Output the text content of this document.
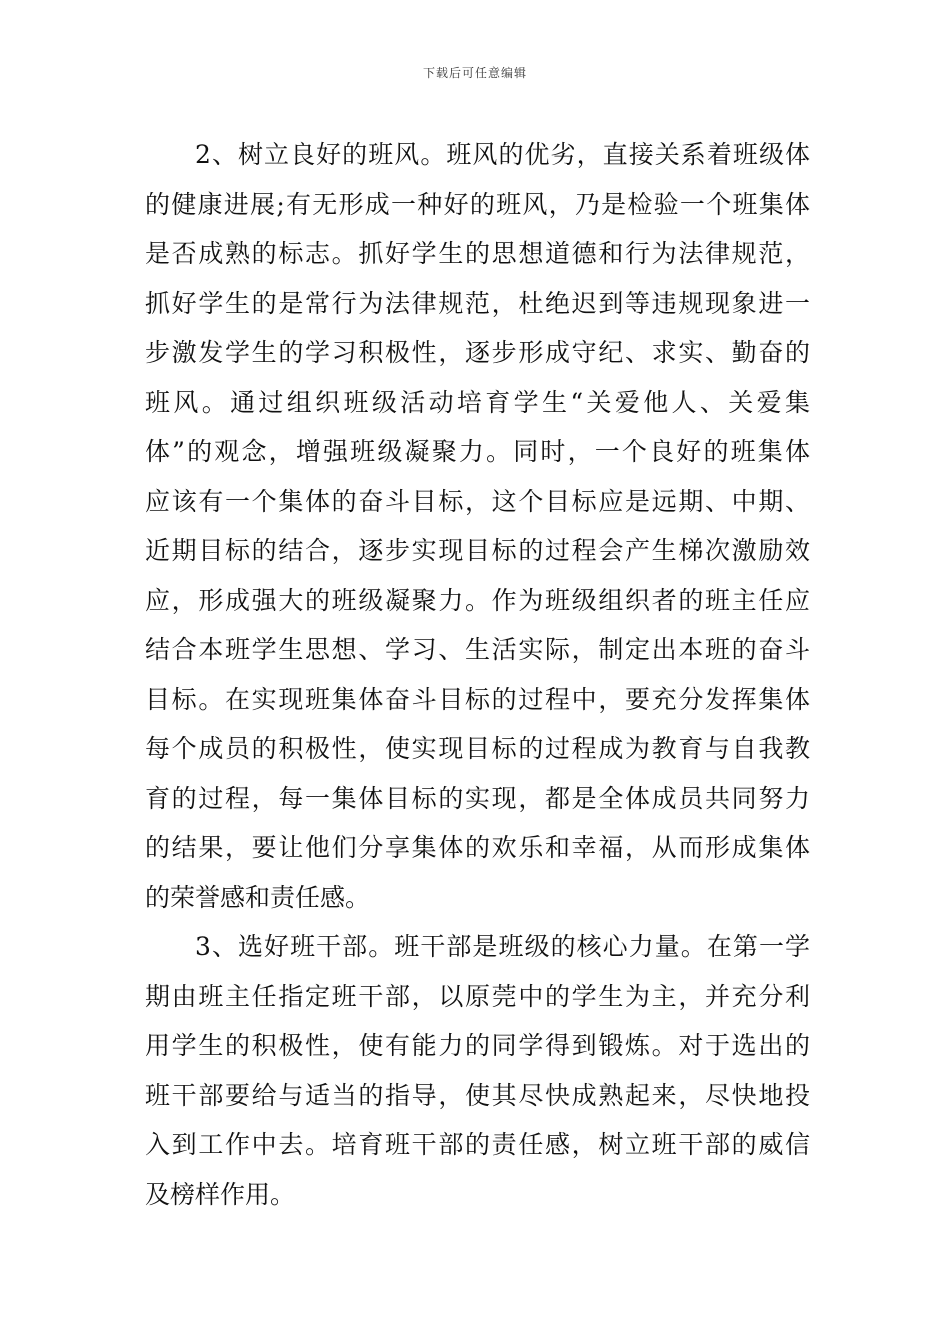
下载后可任意编辑
2、树立良好的班风。班风的优劣，直接关系着班级体
的健康进展;有无形成一种好的班风，乃是检验一个班集体
是否成熟的标志。抓好学生的思想道德和行为法律规范，
抓好学生的是常行为法律规范，杜绝迟到等违规现象进一
步激发学生的学习积极性，逐步形成守纪、求实、勤奋的
班风。通过组织班级活动培育学生“关爱他人、关爱集
体”的观念，增强班级凝聚力。同时，一个良好的班集体
应该有一个集体的奋斗目标，这个目标应是远期、中期、
近期目标的结合，逐步实现目标的过程会产生梯次激励效
应，形成强大的班级凝聚力。作为班级组织者的班主任应
结合本班学生思想、学习、生活实际，制定出本班的奋斗
目标。在实现班集体奋斗目标的过程中，要充分发挥集体
每个成员的积极性，使实现目标的过程成为教育与自我教
育的过程，每一集体目标的实现，都是全体成员共同努力
的结果，要让他们分享集体的欢乐和幸福，从而形成集体
的荣誉感和责任感。
3、选好班干部。班干部是班级的核心力量。在第一学
期由班主任指定班干部，以原莞中的学生为主，并充分利
用学生的积极性，使有能力的同学得到锻炼。对于选出的
班干部要给与适当的指导，使其尽快成熟起来，尽快地投
入到工作中去。培育班干部的责任感，树立班干部的威信
及榜样作用。
